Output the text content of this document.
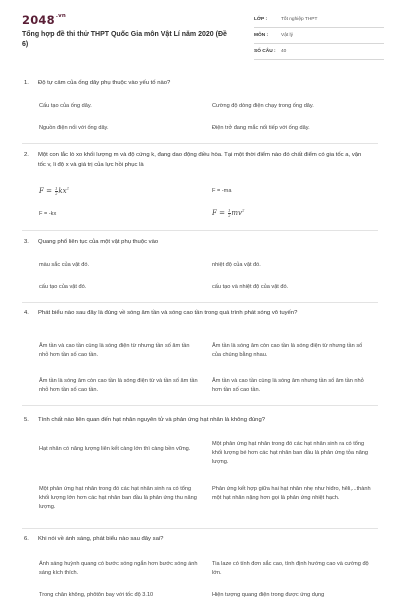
$2048^{.vn}$
Tổng hợp đề thi thử THPT Quốc Gia môn Vật Lí năm 2020 (Đề 6)
LỚP :	Tốt nghiệp THPT
MÔN :	Vật lý
SỐ CÂU :	40
1.	Độ tự cảm của ống dây phụ thuộc vào yếu tố nào?
Cấu tạo của ống dây.	Cường độ dòng điện chạy trong ống dây.
Nguồn điện nối với ống dây.	Điện trở đang mắc nối tiếp với ống dây.
2.	Một con lắc lò xo khối lượng m và độ cứng k, đang dao động điều hòa. Tại một thời điểm nào đó chất điểm có gia tốc a, vận tốc v, li độ x và giá trị của lực hồi phục là
$F = \frac{1}{2} kx^2$	F = -ma
F = -kx	$F = \frac{1}{2} mv^2$
3.	Quang phổ liên tục của một vật phụ thuộc vào
màu sắc của vật đó.	nhiệt độ của vật đó.
cấu tạo của vật đó.	cấu tạo và nhiệt độ của vật đó.
4.	Phát biểu nào sau đây là đúng về sóng âm tần và sóng cao tần trong quá trình phát sóng vô tuyến?
Âm tần và cao tần cùng là sóng điện từ nhưng tần số âm tần nhỏ hơn tần số cao tần.
Âm tần là sóng âm còn cao tần là sóng điện từ nhưng tần số của chúng bằng nhau.
Âm tần là sóng âm còn cao tần là sóng điện từ và tần số âm tần nhỏ hơn tần số cao tần.
Âm tần và cao tần cùng là sóng âm nhưng tần số âm tần nhỏ hơn tần số cao tần.
5.	Tính chất nào liên quan đến hạt nhân nguyên tử và phản ứng hạt nhân là không đúng?
Hạt nhân có năng lượng liên kết càng lớn thì càng bền vững.
Một phản ứng hạt nhân trong đó các hạt nhân sinh ra có tổng khối lượng bé hơn các hạt nhân ban đầu là phản ứng tỏa năng lượng.
Một phản ứng hạt nhân trong đó các hạt nhân sinh ra có tổng khối lượng lớn hơn các hạt nhân ban đầu là phản ứng thu năng lượng.
Phản ứng kết hợp giữa hai hạt nhân nhẹ như hiđro, hêli,...thành một hạt nhân nặng hơn gọi là phản ứng nhiệt hạch.
6.	Khi nói về ánh sáng, phát biểu nào sau đây sai?
Ánh sáng huỳnh quang có bước sóng ngắn hơn bước sóng ánh sáng kích thích.
Tia laze có tính đơn sắc cao, tính định hướng cao và cường độ lớn.
Trong chân không, phôtôn bay với tốc độ 3.10	Hiện tượng quang điện trong được ứng dụng
